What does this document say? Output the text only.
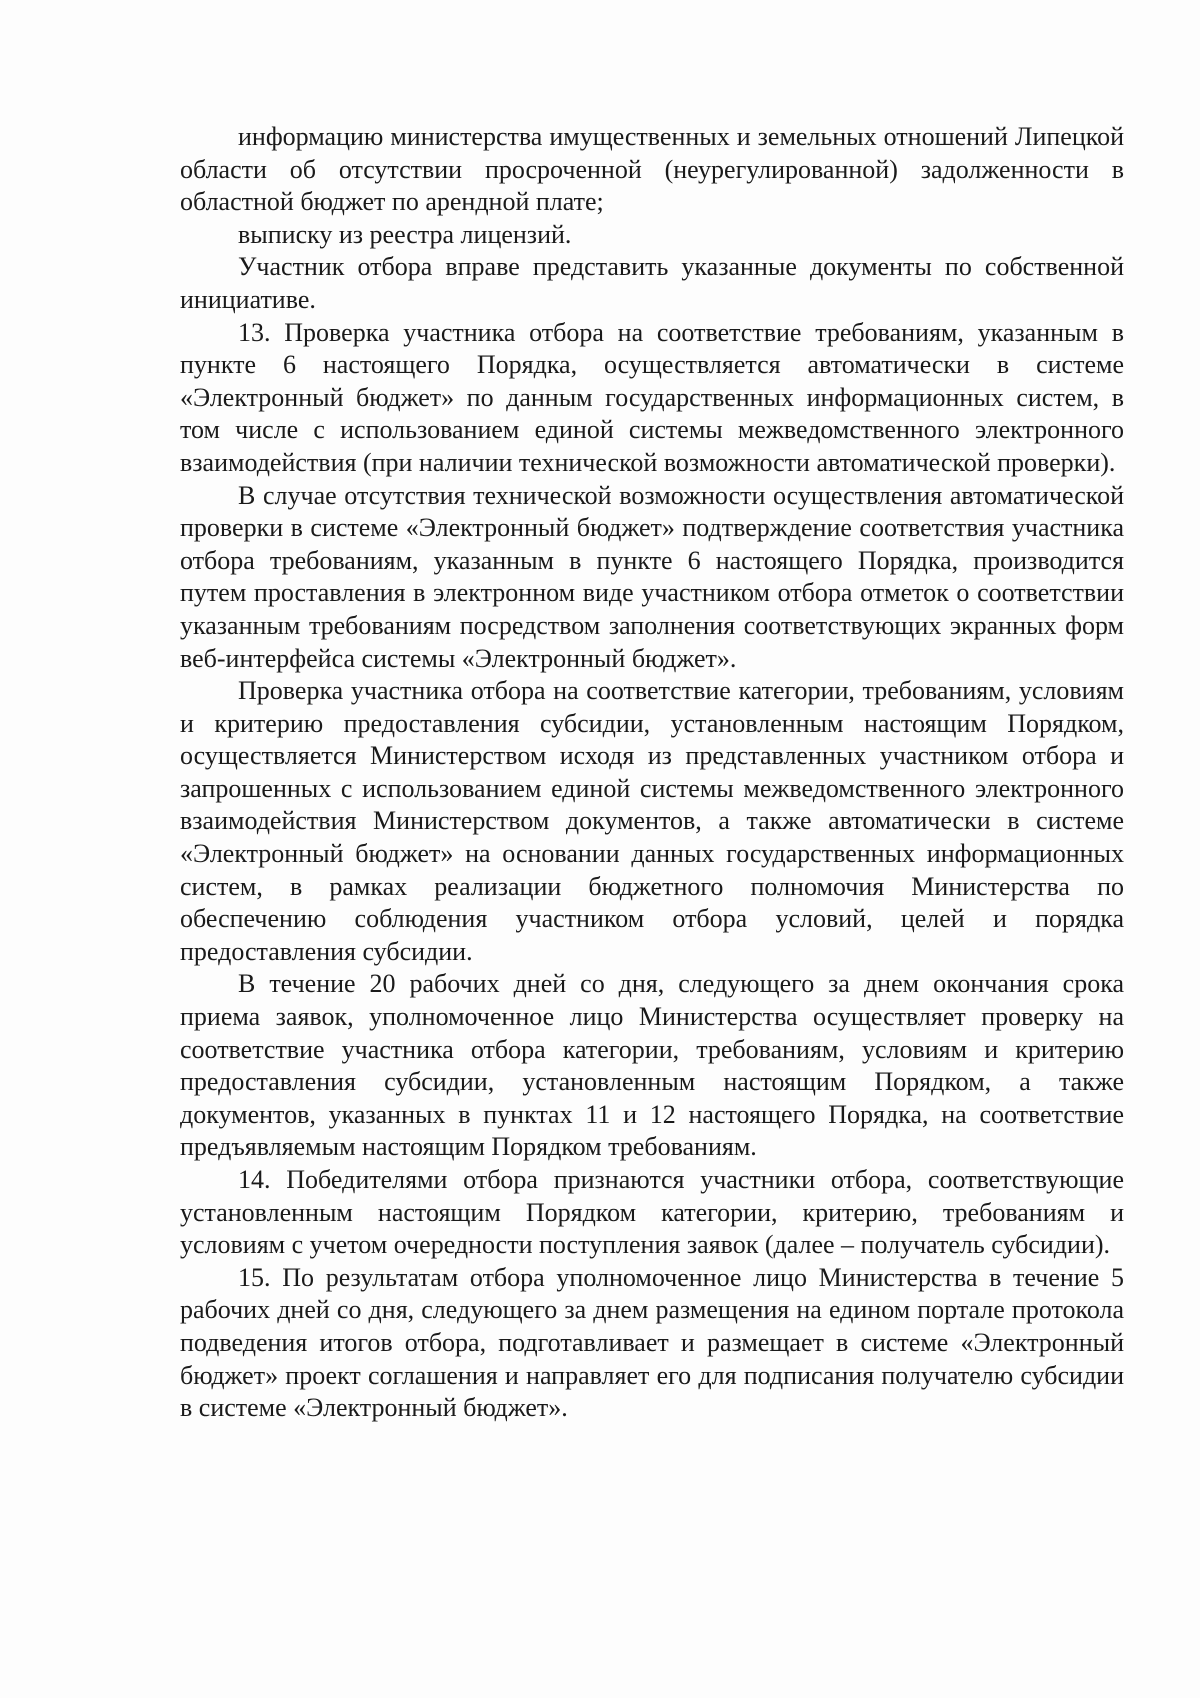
информацию министерства имущественных и земельных отношений Липецкой области об отсутствии просроченной (неурегулированной) задолженности в областной бюджет по арендной плате;

выписку из реестра лицензий.

Участник отбора вправе представить указанные документы по собственной инициативе.

13. Проверка участника отбора на соответствие требованиям, указанным в пункте 6 настоящего Порядка, осуществляется автоматически в системе «Электронный бюджет» по данным государственных информационных систем, в том числе с использованием единой системы межведомственного электронного взаимодействия (при наличии технической возможности автоматической проверки).

В случае отсутствия технической возможности осуществления автоматической проверки в системе «Электронный бюджет» подтверждение соответствия участника отбора требованиям, указанным в пункте 6 настоящего Порядка, производится путем проставления в электронном виде участником отбора отметок о соответствии указанным требованиям посредством заполнения соответствующих экранных форм веб-интерфейса системы «Электронный бюджет».

Проверка участника отбора на соответствие категории, требованиям, условиям и критерию предоставления субсидии, установленным настоящим Порядком, осуществляется Министерством исходя из представленных участником отбора и запрошенных с использованием единой системы межведомственного электронного взаимодействия Министерством документов, а также автоматически в системе «Электронный бюджет» на основании данных государственных информационных систем, в рамках реализации бюджетного полномочия Министерства по обеспечению соблюдения участником отбора условий, целей и порядка предоставления субсидии.

В течение 20 рабочих дней со дня, следующего за днем окончания срока приема заявок, уполномоченное лицо Министерства осуществляет проверку на соответствие участника отбора категории, требованиям, условиям и критерию предоставления субсидии, установленным настоящим Порядком, а также документов, указанных в пунктах 11 и 12 настоящего Порядка, на соответствие предъявляемым настоящим Порядком требованиям.

14. Победителями отбора признаются участники отбора, соответствующие установленным настоящим Порядком категории, критерию, требованиям и условиям с учетом очередности поступления заявок (далее – получатель субсидии).

15. По результатам отбора уполномоченное лицо Министерства в течение 5 рабочих дней со дня, следующего за днем размещения на едином портале протокола подведения итогов отбора, подготавливает и размещает в системе «Электронный бюджет» проект соглашения и направляет его для подписания получателю субсидии в системе «Электронный бюджет».
